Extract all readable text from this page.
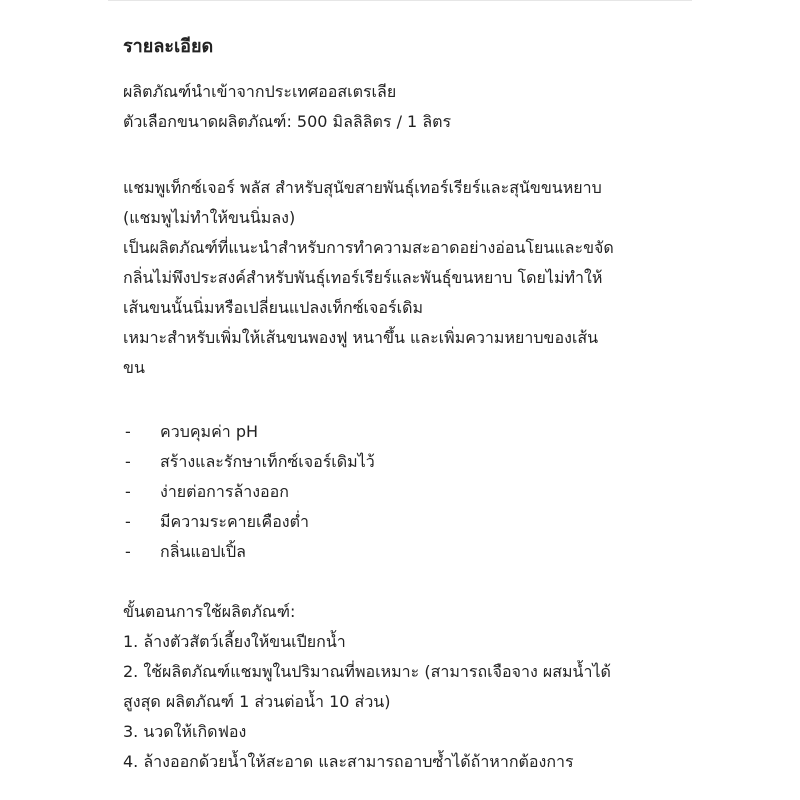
รายละเอียด
ผลิตภัณฑ์นำเข้าจากประเทศออสเตรเลีย
ตัวเลือกขนาดผลิตภัณฑ์: 500 มิลลิลิตร / 1 ลิตร
แชมพูเท็กซ์เจอร์ พลัส สำหรับสุนัขสายพันธุ์เทอร์เรียร์และสุนัขขนหยาบ
(แชมพูไม่ทำให้ขนนิ่มลง)
เป็นผลิตภัณฑ์ที่แนะนำสำหรับการทำความสะอาดอย่างอ่อนโยนและขจัด
กลิ่นไม่พึงประสงค์สำหรับพันธุ์เทอร์เรียร์และพันธุ์ขนหยาบ โดยไม่ทำให้
เส้นขนนั้นนิ่มหรือเปลี่ยนแปลงเท็กซ์เจอร์เดิม
เหมาะสำหรับเพิ่มให้เส้นขนพองฟู หนาขึ้น และเพิ่มความหยาบของเส้น
ขน
- ควบคุมค่า pH
- สร้างและรักษาเท็กซ์เจอร์เดิมไว้
- ง่ายต่อการล้างออก
- มีความระคายเคืองต่ำ
- กลิ่นแอปเปิ้ล
ขั้นตอนการใช้ผลิตภัณฑ์:
1. ล้างตัวสัตว์เลี้ยงให้ขนเปียกน้ำ
2. ใช้ผลิตภัณฑ์แชมพูในปริมาณที่พอเหมาะ (สามารถเจือจาง ผสมน้ำได้
สูงสุด ผลิตภัณฑ์ 1 ส่วนต่อน้ำ 10 ส่วน)
3. นวดให้เกิดฟอง
4. ล้างออกด้วยน้ำให้สะอาด และสามารถอาบซ้ำได้ถ้าหากต้องการ
